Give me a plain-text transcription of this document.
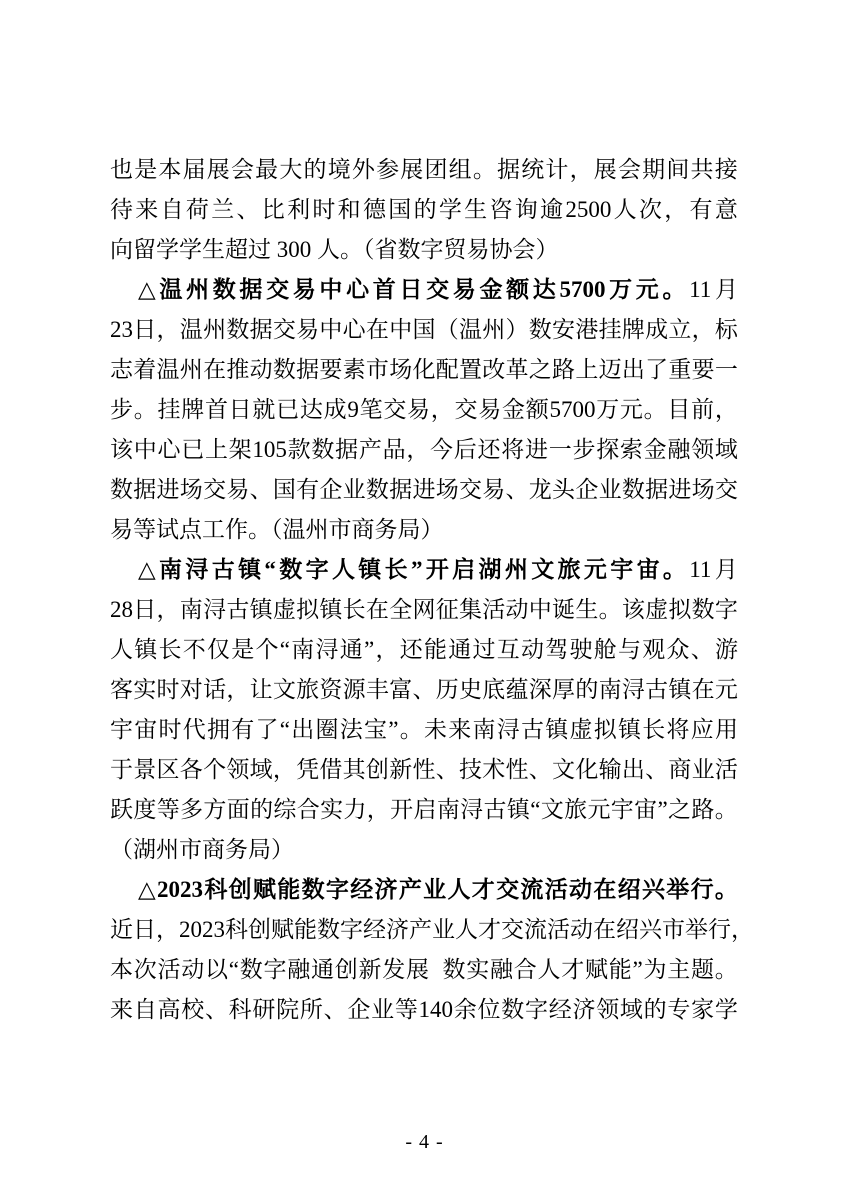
也 是 本 届 展 会 最 大 的 境 外 参 展 团 组 。 据 统 计 ， 展 会 期 间 共 接
待 来 自 荷 兰 、 比 利 时 和 德 国 的 学 生 咨 询 逾 2500 人 次 ， 有 意
向留学学生超过 300 人。（省数字贸易协会）
△ 温 州 数 据 交 易 中 心 首 日 交 易 金 额 达 5700 万 元 。 11 月
23 日 ， 温 州 数 据 交 易 中 心 在 中 国 （ 温 州 ） 数 安 港 挂 牌 成 立 ， 标
志 着 温 州 在 推 动 数 据 要 素 市 场 化 配 置 改 革 之 路 上 迈 出 了 重 要 一
步 。 挂 牌 首 日 就 已 达 成 9 笔 交 易 ， 交 易 金 额 5700 万 元 。 目 前 ，
该 中 心 已 上 架 105 款 数 据 产 品 ， 今 后 还 将 进 一 步 探 索 金 融 领 域
数 据 进 场 交 易 、 国 有 企 业 数 据 进 场 交 易 、 龙 头 企 业 数 据 进 场 交
易等试点工作。（温州市商务局）
△ 南 浔 古 镇 “ 数 字 人 镇 长 ” 开 启 湖 州 文 旅 元 宇 宙 。 11 月
28 日 ， 南 浔 古 镇 虚 拟 镇 长 在 全 网 征 集 活 动 中 诞 生 。 该 虚 拟 数 字
人 镇 长 不 仅 是 个 “ 南 浔 通 ” ， 还 能 通 过 互 动 驾 驶 舱 与 观 众 、 游
客 实 时 对 话 ， 让 文 旅 资 源 丰 富 、 历 史 底 蕴 深 厚 的 南 浔 古 镇 在 元
宇 宙 时 代 拥 有 了 “ 出 圈 法 宝 ” 。 未 来 南 浔 古 镇 虚 拟 镇 长 将 应 用
于 景 区 各 个 领 域 ， 凭 借 其 创 新 性 、 技 术 性 、 文 化 输 出 、 商 业 活
跃 度 等 多 方 面 的 综 合 实 力 ， 开 启 南 浔 古 镇 “ 文 旅 元 宇 宙 ” 之 路 。
（湖州市商务局）
△ 2023 科 创 赋 能 数 字 经 济 产 业 人 才 交 流 活 动 在 绍 兴 举 行 。
近 日 ， 2023 科 创 赋 能 数 字 经 济 产 业 人 才 交 流 活 动 在 绍 兴 市 举 行 ，
本 次 活 动 以 “ 数 字 融 通 创 新 发 展 数 实 融 合 人 才 赋 能 ” 为 主 题 。
来 自 高 校 、 科 研 院 所 、 企 业 等 140 余 位 数 字 经 济 领 域 的 专 家 学
- 4 -
